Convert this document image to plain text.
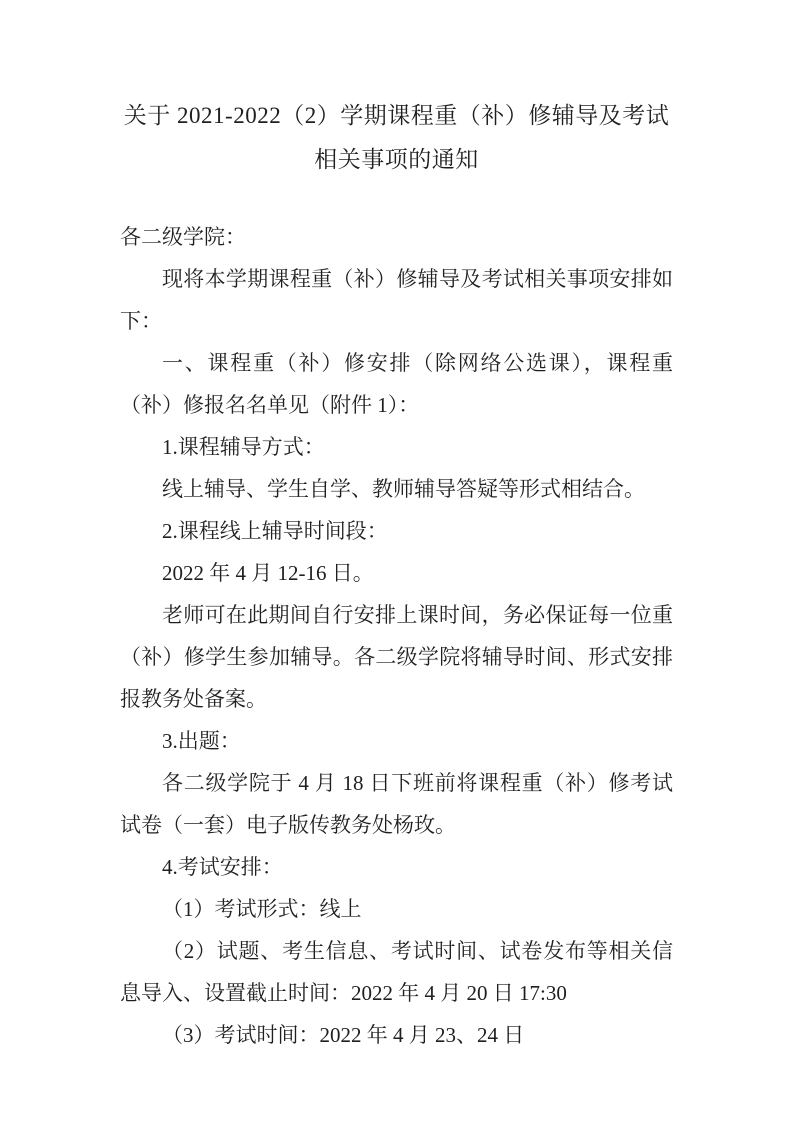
关于 2021-2022（2）学期课程重（补）修辅导及考试
相关事项的通知

各二级学院：

现将本学期课程重（补）修辅导及考试相关事项安排如下：

一、课程重（补）修安排（除网络公选课），课程重（补）修报名名单见（附件 1）：

1.课程辅导方式：

线上辅导、学生自学、教师辅导答疑等形式相结合。

2.课程线上辅导时间段：

2022 年 4 月 12-16 日。

老师可在此期间自行安排上课时间，务必保证每一位重（补）修学生参加辅导。各二级学院将辅导时间、形式安排报教务处备案。

3.出题：

各二级学院于 4 月 18 日下班前将课程重（补）修考试试卷（一套）电子版传教务处杨玫。

4.考试安排：

（1）考试形式：线上

（2）试题、考生信息、考试时间、试卷发布等相关信息导入、设置截止时间：2022 年 4 月 20 日 17:30

（3）考试时间：2022 年 4 月 23、24 日
